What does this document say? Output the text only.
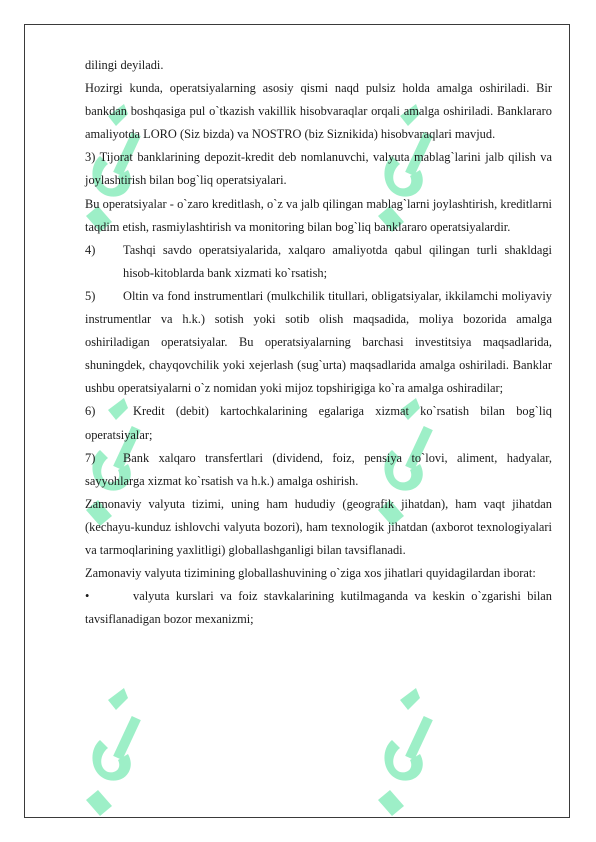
dilingi deyiladi.

Hozirgi kunda, operatsiyalarning asosiy qismi naqd pulsiz holda amalga oshiriladi. Bir bankdan boshqasiga pul o`tkazish vakillik hisobvaraqlar orqali amalga oshiriladi. Banklararo amaliyotda LORO (Siz bizda) va NOSTRO (biz Siznikida) hisobvaraqlari mavjud.

3) Tijorat banklarining depozit-kredit deb nomlanuvchi, valyuta mablag`larini jalb qilish va joylashtirish bilan bog`liq operatsiyalari.

Bu operatsiyalar - o`zaro kreditlash, o`z va jalb qilingan mablag`larni joylashtirish, kreditlarni taqdim etish, rasmiylashtirish va monitoring bilan bog`liq banklararo operatsiyalardir.

4)	Tashqi savdo operatsiyalarida, xalqaro amaliyotda qabul qilingan turli shakldagi hisob-kitoblarda bank xizmati ko`rsatish;

5) Oltin va fond instrumentlari (mulkchilik titullari, obligatsiyalar, ikkilamchi moliyaviy instrumentlar va h.k.) sotish yoki sotib olish maqsadida, moliya bozorida amalga oshiriladigan operatsiyalar. Bu operatsiyalarning barchasi investitsiya maqsadlarida, shuningdek, chayqovchilik yoki xejerlash (sug`urta) maqsadlarida amalga oshiriladi. Banklar ushbu operatsiyalarni o`z nomidan yoki mijoz topshirigiga ko`ra amalga oshiradilar;

6)	Kredit (debit) kartochkalarining egalariga xizmat ko`rsatish bilan bog`liq operatsiyalar;

7) Bank xalqaro transfertlari (dividend, foiz, pensiya to`lovi, aliment, hadyalar, sayyohlarga xizmat ko`rsatish va h.k.) amalga oshirish.

Zamonaviy valyuta tizimi, uning ham hududiy (geografik jihatdan), ham vaqt jihatdan (kechayu-kunduz ishlovchi valyuta bozori), ham texnologik jihatdan (axborot texnologiyalari va tarmoqlarining yaxlitligi) globallashganligi bilan tavsiflanadi.

Zamonaviy valyuta tizimining globallashuvining o`ziga xos jihatlari quyidagilardan iborat:

•	valyuta kurslari va foiz stavkalarining kutilmaganda va keskin o`zgarishi bilan tavsiflanadigan bozor mexanizmi;
